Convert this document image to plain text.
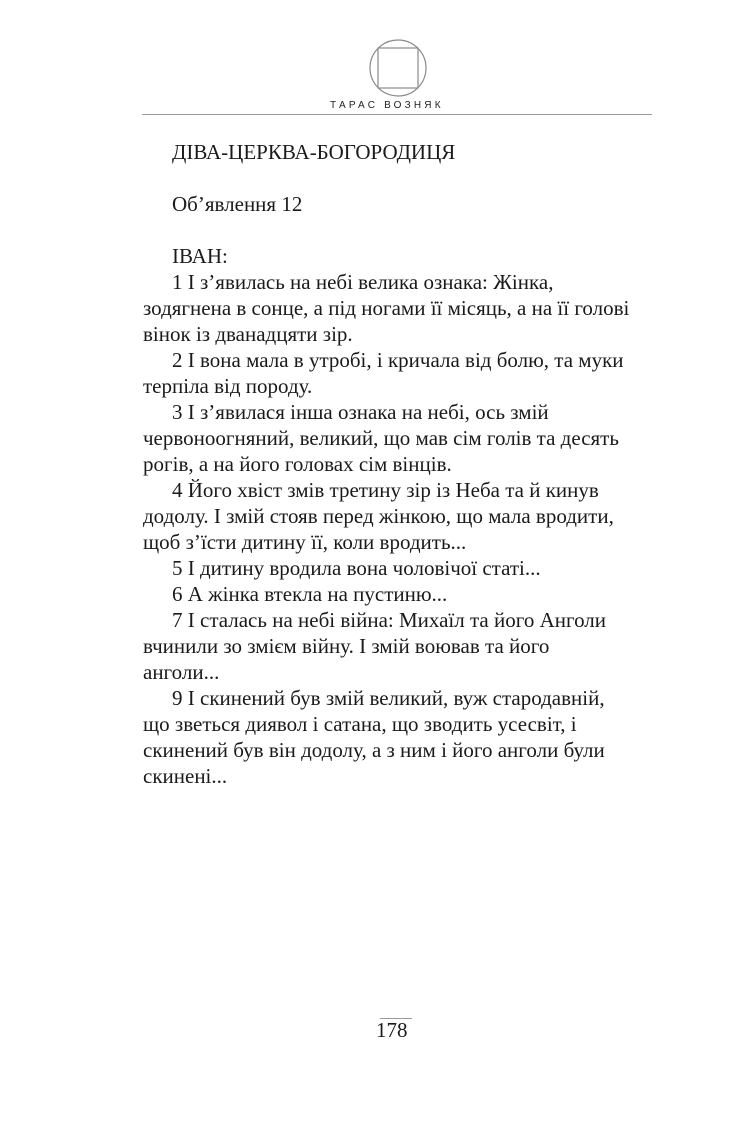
ТАРАС ВОЗНЯК
ДІВА-ЦЕРКВА-БОГОРОДИЦЯ
Об’явлення 12
ІВАН:
1 І з’явилась на небі велика ознака: Жінка,
зодягнена в сонце, а під ногами її місяць, а на її голові
вінок із дванадцяти зір.
2 І вона мала в утробі, і кричала від болю, та муки
терпіла від породу.
3 І з’явилася інша ознака на небі, ось змій
червоноогняний, великий, що мав сім голів та десять
рогів, а на його головах сім вінців.
4 Його хвіст змів третину зір із Неба та й кинув
додолу. І змій стояв перед жінкою, що мала вродити,
щоб з’їсти дитину її, коли вродить...
5 І дитину вродила вона чоловічої статі...
6 А жінка втекла на пустиню...
7 І сталась на небі війна: Михаїл та його Анголи
вчинили зо змієм війну. І змій воював та його
анголи...
9 І скинений був змій великий, вуж стародавній,
що зветься диявол і сатана, що зводить усесвіт, і
скинений був він додолу, а з ним і його анголи були
скинені...
178
